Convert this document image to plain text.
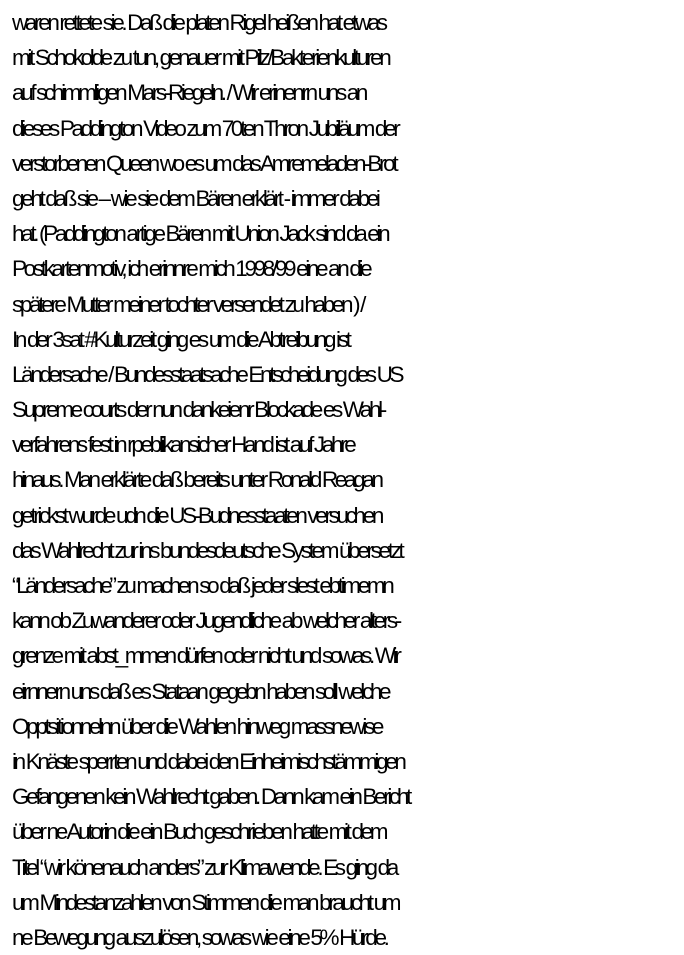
waren rettete sie. Daß die platen Rigel heißen hat etwas
mit Schokolde zu tun, genauer mit Pilz/Bakterienkulturen
auf schimmligen Mars-Riegeln. / Wir erinenrn uns an
dieses Paddington Video zum 70ten Thron Jubiläum der
verstorbenen Queen wo es um das Amremeladen-Brot
geht daß sie – wie sie dem Bären erklärt - immer dabei
hat. (Paddington artige Bären mit Union Jack sind da ein
Postkartenmotiv, ich erinnre mich 1998/99 eine an die
spätere Mutter meiner tochter versendet zu haben ) /
In der 3sat #Kulturzeit ging es um die Abtreibung ist
Ländersache / Bundesstaatsache Entscheidung des US
Supreme courts der nun dankeienr Blockade es Wahl-
verfahrens fest in rpeblikansicher Hand ist auf Jahre
hinaus. Man erklärte daß bereits unter Ronald Reagan
getrickst wurde udn die US-Budnesstaaten versuchen
das Wahlrecht zur ins bundesdeutsche System übersetzt
“Ländersache” zu machen so daß jeder slest ebtimemn
kann ob Zuwanderer oder Jugendliche ab welcher alters-
grenze mit abst_mmen dürfen oder nicht und sowas. Wir
eirnnern uns daß es Stataan gegebn haben soll welche
Opptsitionnelnn über die Wahlen hinweg massnewise
in Knäste sperrten und dabei den Einheimischstämmigen
Gefangenen kein Wahlrecht gaben. Dann kam ein Bericht
über ne Autorin die ein Buch geschrieben hatte mit dem
Titel “wir könenauch anders” zur Klimawende. Es ging da
um Mindestanzahlen von Stimmen die man braucht um
ne Bewegung auszulösen, sowas wie eine 5% Hürde.
